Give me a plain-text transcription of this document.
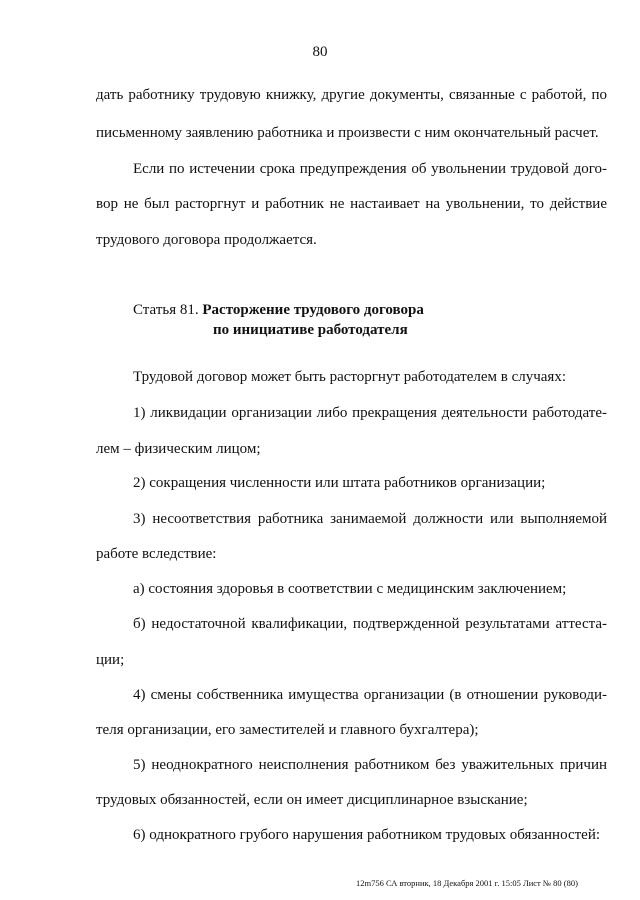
80
дать работнику трудовую книжку, другие документы, связанные с работой, по
письменному заявлению работника и произвести с ним окончательный расчет.
Если по истечении срока предупреждения об увольнении трудовой дого-
вор не был расторгнут и работник не настаивает на увольнении, то действие
трудового договора продолжается.
Статья 81. Расторжение трудового договора
по инициативе работодателя
Трудовой договор может быть расторгнут работодателем в случаях:
1) ликвидации организации либо прекращения деятельности работодате-
лем – физическим лицом;
2) сокращения численности или штата работников организации;
3) несоответствия работника занимаемой должности или выполняемой
работе вследствие:
а) состояния здоровья в соответствии с медицинским заключением;
б) недостаточной квалификации, подтвержденной результатами аттеста-
ции;
4) смены собственника имущества организации (в отношении руководи-
теля организации, его заместителей и главного бухгалтера);
5) неоднократного неисполнения работником без уважительных причин
трудовых обязанностей, если он имеет дисциплинарное взыскание;
6) однократного грубого нарушения работником трудовых обязанностей:
12m756 СА вторник, 18 Декабря 2001 г. 15:05 Лист № 80 (80)
